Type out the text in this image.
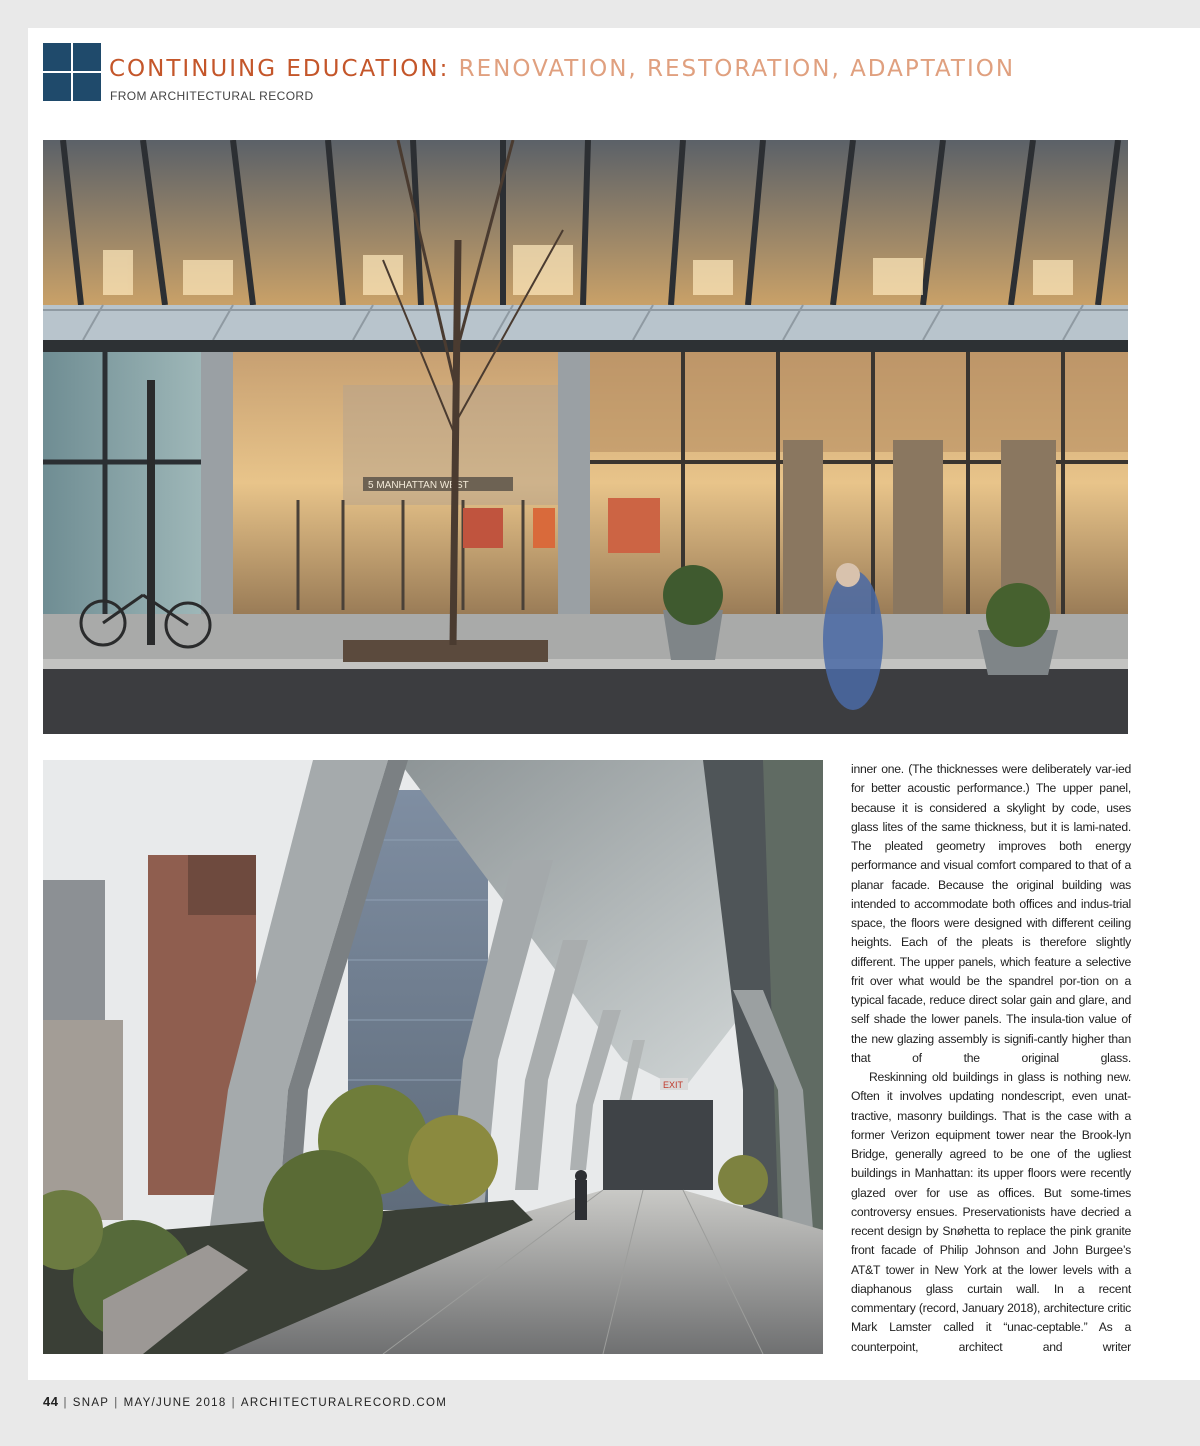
CONTINUING EDUCATION: RENOVATION, RESTORATION, ADAPTATION
FROM ARCHITECTURAL RECORD
5 MANHATTAN WEST
EXIT

inner one. (The thicknesses were deliberately var-ied for better acoustic performance.) The upper panel, because it is considered a skylight by code, uses glass lites of the same thickness, but it is lami-nated. The pleated geometry improves both energy performance and visual comfort compared to that of a planar facade. Because the original building was intended to accommodate both offices and indus-trial space, the floors were designed with different ceiling heights. Each of the pleats is therefore slightly different. The upper panels, which feature a selective frit over what would be the spandrel por-tion on a typical facade, reduce direct solar gain and glare, and self shade the lower panels. The insula-tion value of the new glazing assembly is signifi-cantly higher than that of the original glass.

Reskinning old buildings in glass is nothing new. Often it involves updating nondescript, even unat-tractive, masonry buildings. That is the case with a former Verizon equipment tower near the Brook-lyn Bridge, generally agreed to be one of the ugliest buildings in Manhattan: its upper floors were recently glazed over for use as offices. But some-times controversy ensues. Preservationists have decried a recent design by Snøhetta to replace the pink granite front facade of Philip Johnson and John Burgee’s AT&T tower in New York at the lower levels with a diaphanous glass curtain wall. In a recent commentary (record, January 2018), architecture critic Mark Lamster called it “unac-ceptable.” As a counterpoint, architect and writer

44 | SNAP | MAY/JUNE 2018 | ARCHITECTURALRECORD.COM
